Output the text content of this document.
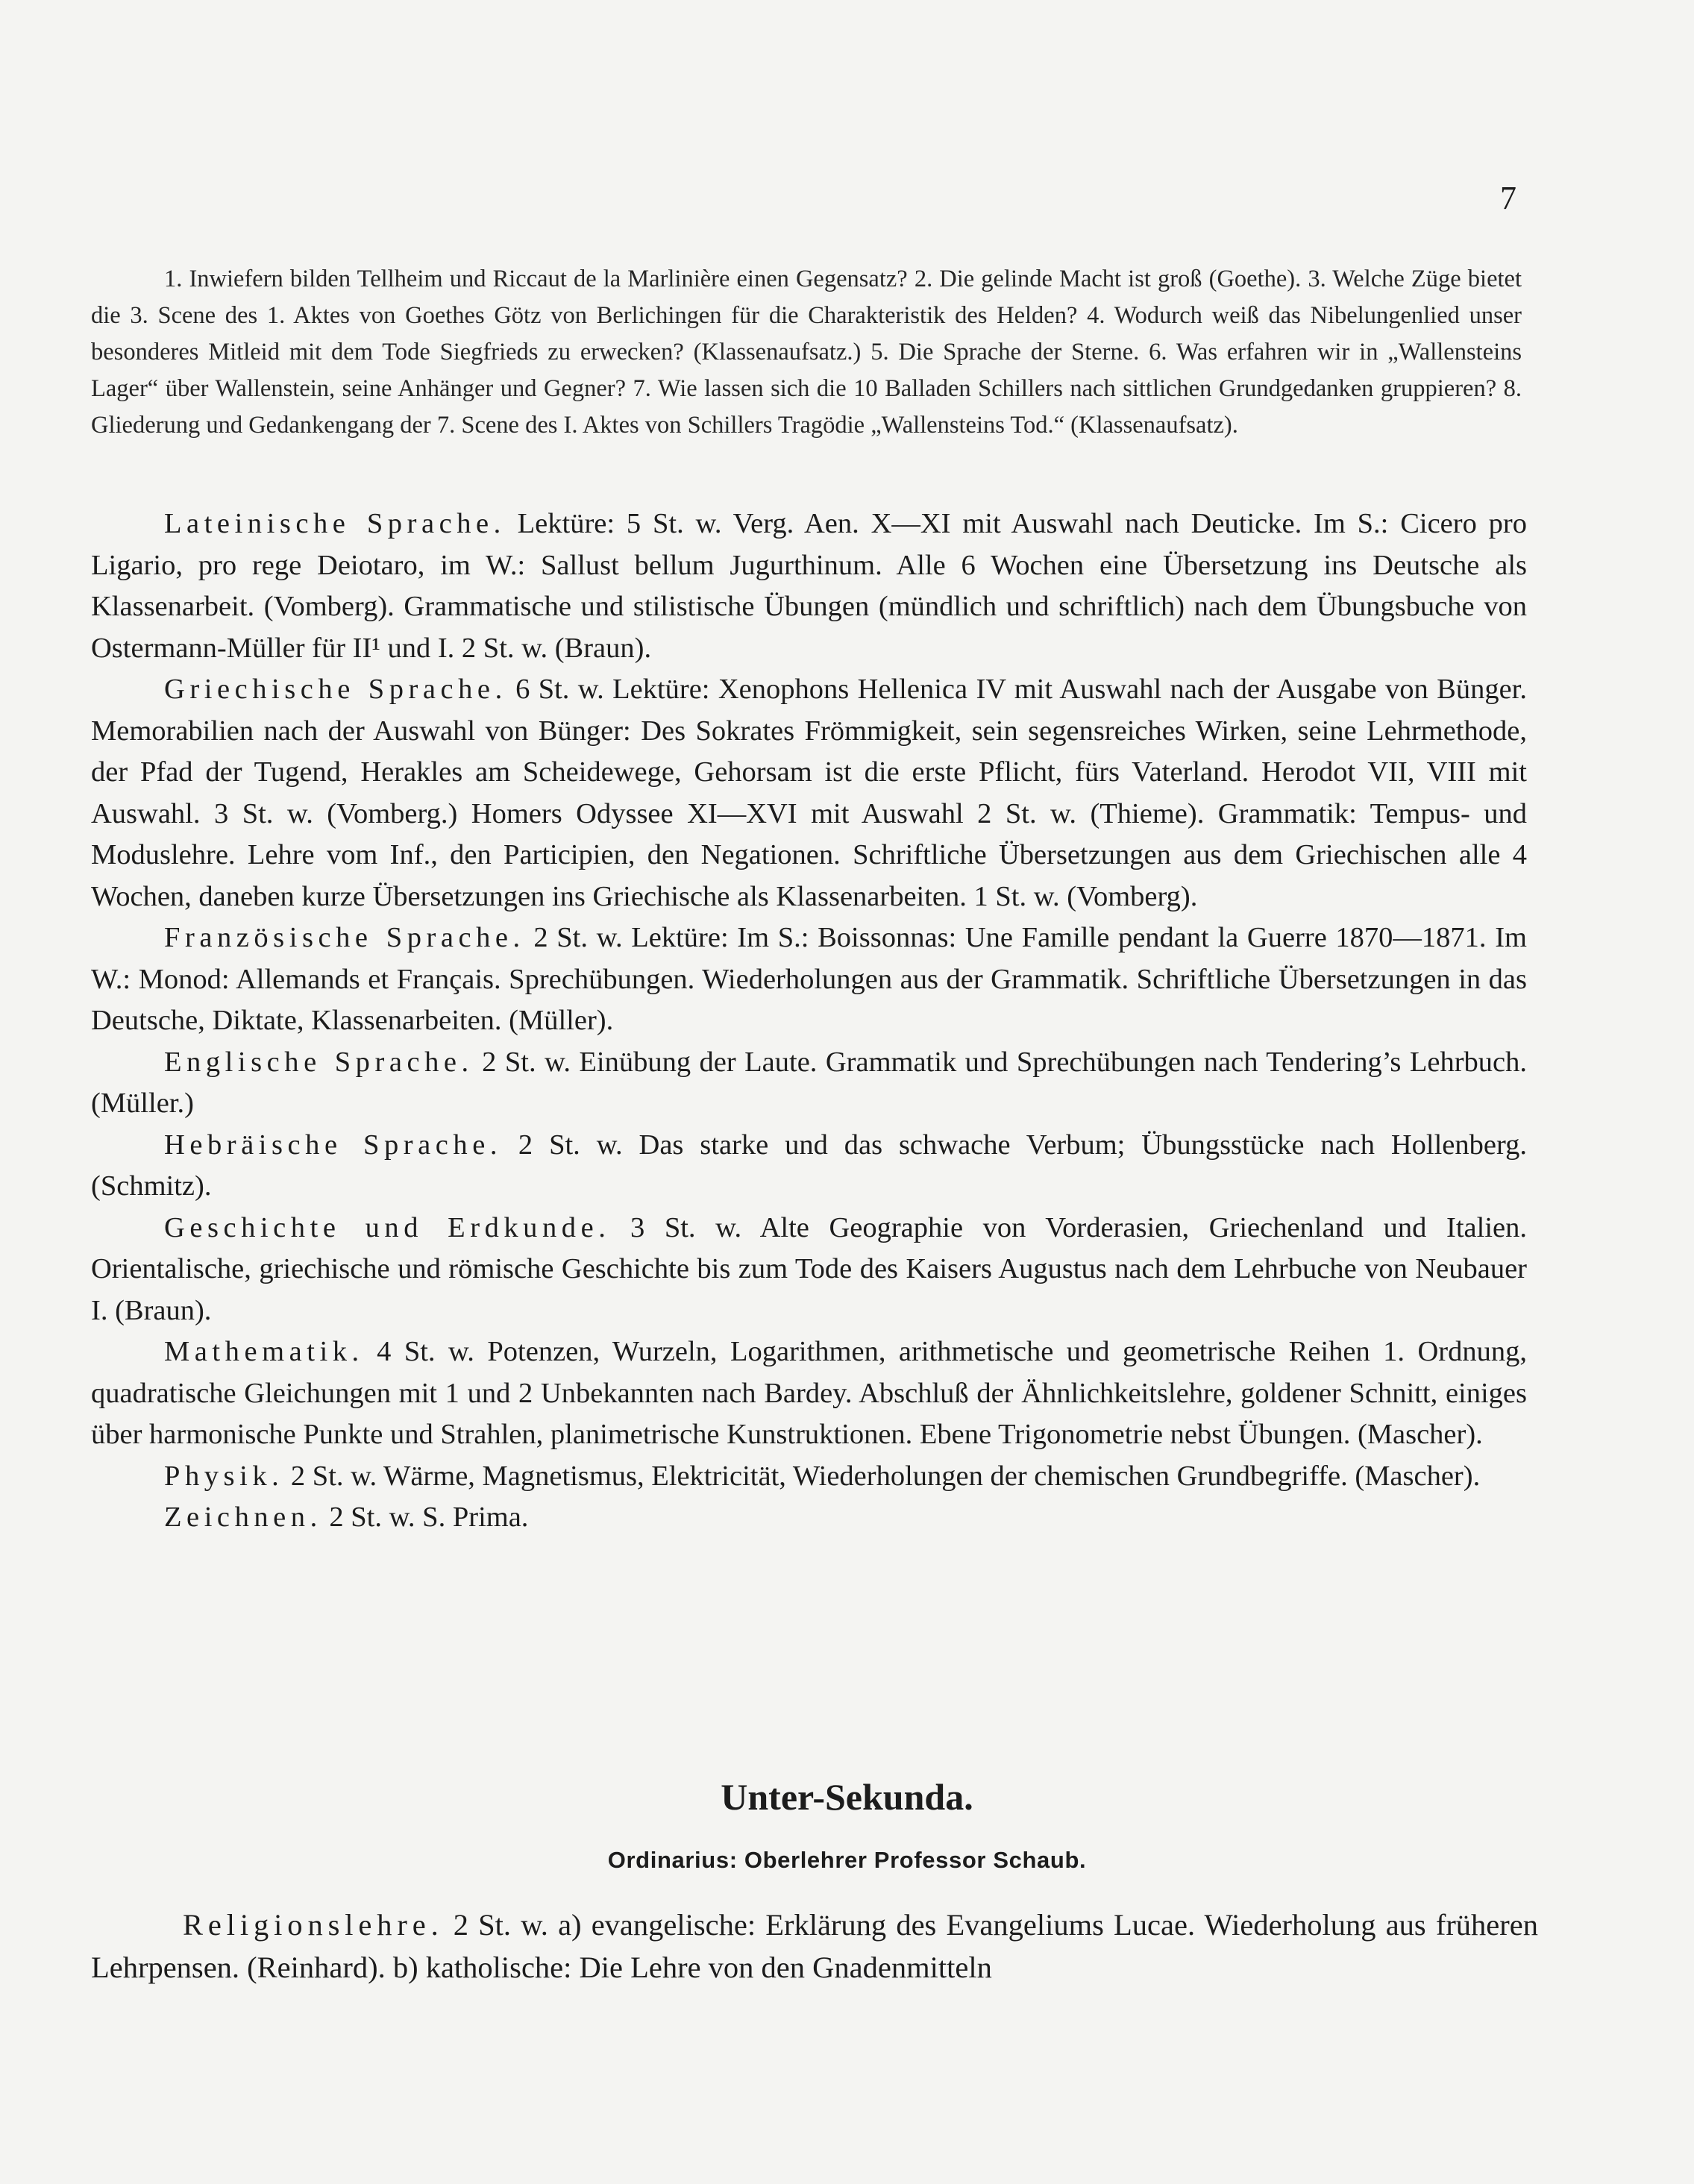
7

1. Inwiefern bilden Tellheim und Riccaut de la Marlinière einen Gegensatz? 2. Die gelinde Macht ist groß (Goethe). 3. Welche Züge bietet die 3. Scene des 1. Aktes von Goethes Götz von Berlichingen für die Charakteristik des Helden? 4. Wodurch weiß das Nibelungenlied unser besonderes Mitleid mit dem Tode Siegfrieds zu erwecken? (Klassenaufsatz.) 5. Die Sprache der Sterne. 6. Was erfahren wir in „Wallensteins Lager“ über Wallenstein, seine Anhänger und Gegner? 7. Wie lassen sich die 10 Balladen Schillers nach sittlichen Grundgedanken gruppieren? 8. Gliederung und Gedankengang der 7. Scene des I. Aktes von Schillers Tragödie „Wallensteins Tod.“ (Klassenaufsatz).

Lateinische Sprache. Lektüre: 5 St. w. Verg. Aen. X—XI mit Auswahl nach Deuticke. Im S.: Cicero pro Ligario, pro rege Deiotaro, im W.: Sallust bellum Jugurthinum. Alle 6 Wochen eine Übersetzung ins Deutsche als Klassenarbeit. (Vomberg). Grammatische und stilistische Übungen (mündlich und schriftlich) nach dem Übungsbuche von Ostermann-Müller für II¹ und I. 2 St. w. (Braun).

Griechische Sprache. 6 St. w. Lektüre: Xenophons Hellenica IV mit Auswahl nach der Ausgabe von Bünger. Memorabilien nach der Auswahl von Bünger: Des Sokrates Frömmigkeit, sein segensreiches Wirken, seine Lehrmethode, der Pfad der Tugend, Herakles am Scheidewege, Gehorsam ist die erste Pflicht, fürs Vaterland. Herodot VII, VIII mit Auswahl. 3 St. w. (Vomberg.) Homers Odyssee XI—XVI mit Auswahl 2 St. w. (Thieme). Grammatik: Tempus- und Moduslehre. Lehre vom Inf., den Participien, den Negationen. Schriftliche Übersetzungen aus dem Griechischen alle 4 Wochen, daneben kurze Übersetzungen ins Griechische als Klassenarbeiten. 1 St. w. (Vomberg).

Französische Sprache. 2 St. w. Lektüre: Im S.: Boissonnas: Une Famille pendant la Guerre 1870—1871. Im W.: Monod: Allemands et Français. Sprechübungen. Wiederholungen aus der Grammatik. Schriftliche Übersetzungen in das Deutsche, Diktate, Klassenarbeiten. (Müller).

Englische Sprache. 2 St. w. Einübung der Laute. Grammatik und Sprechübungen nach Tendering’s Lehrbuch. (Müller.)

Hebräische Sprache. 2 St. w. Das starke und das schwache Verbum; Übungsstücke nach Hollenberg. (Schmitz).

Geschichte und Erdkunde. 3 St. w. Alte Geographie von Vorderasien, Griechenland und Italien. Orientalische, griechische und römische Geschichte bis zum Tode des Kaisers Augustus nach dem Lehrbuche von Neubauer I. (Braun).

Mathematik. 4 St. w. Potenzen, Wurzeln, Logarithmen, arithmetische und geometrische Reihen 1. Ordnung, quadratische Gleichungen mit 1 und 2 Unbekannten nach Bardey. Abschluß der Ähnlichkeitslehre, goldener Schnitt, einiges über harmonische Punkte und Strahlen, planimetrische Kunstruktionen. Ebene Trigonometrie nebst Übungen. (Mascher).

Physik. 2 St. w. Wärme, Magnetismus, Elektricität, Wiederholungen der chemischen Grundbegriffe. (Mascher).

Zeichnen. 2 St. w. S. Prima.

Unter-Sekunda.
Ordinarius: Oberlehrer Professor Schaub.

Religionslehre. 2 St. w. a) evangelische: Erklärung des Evangeliums Lucae. Wiederholung aus früheren Lehrpensen. (Reinhard). b) katholische: Die Lehre von den Gnadenmitteln
